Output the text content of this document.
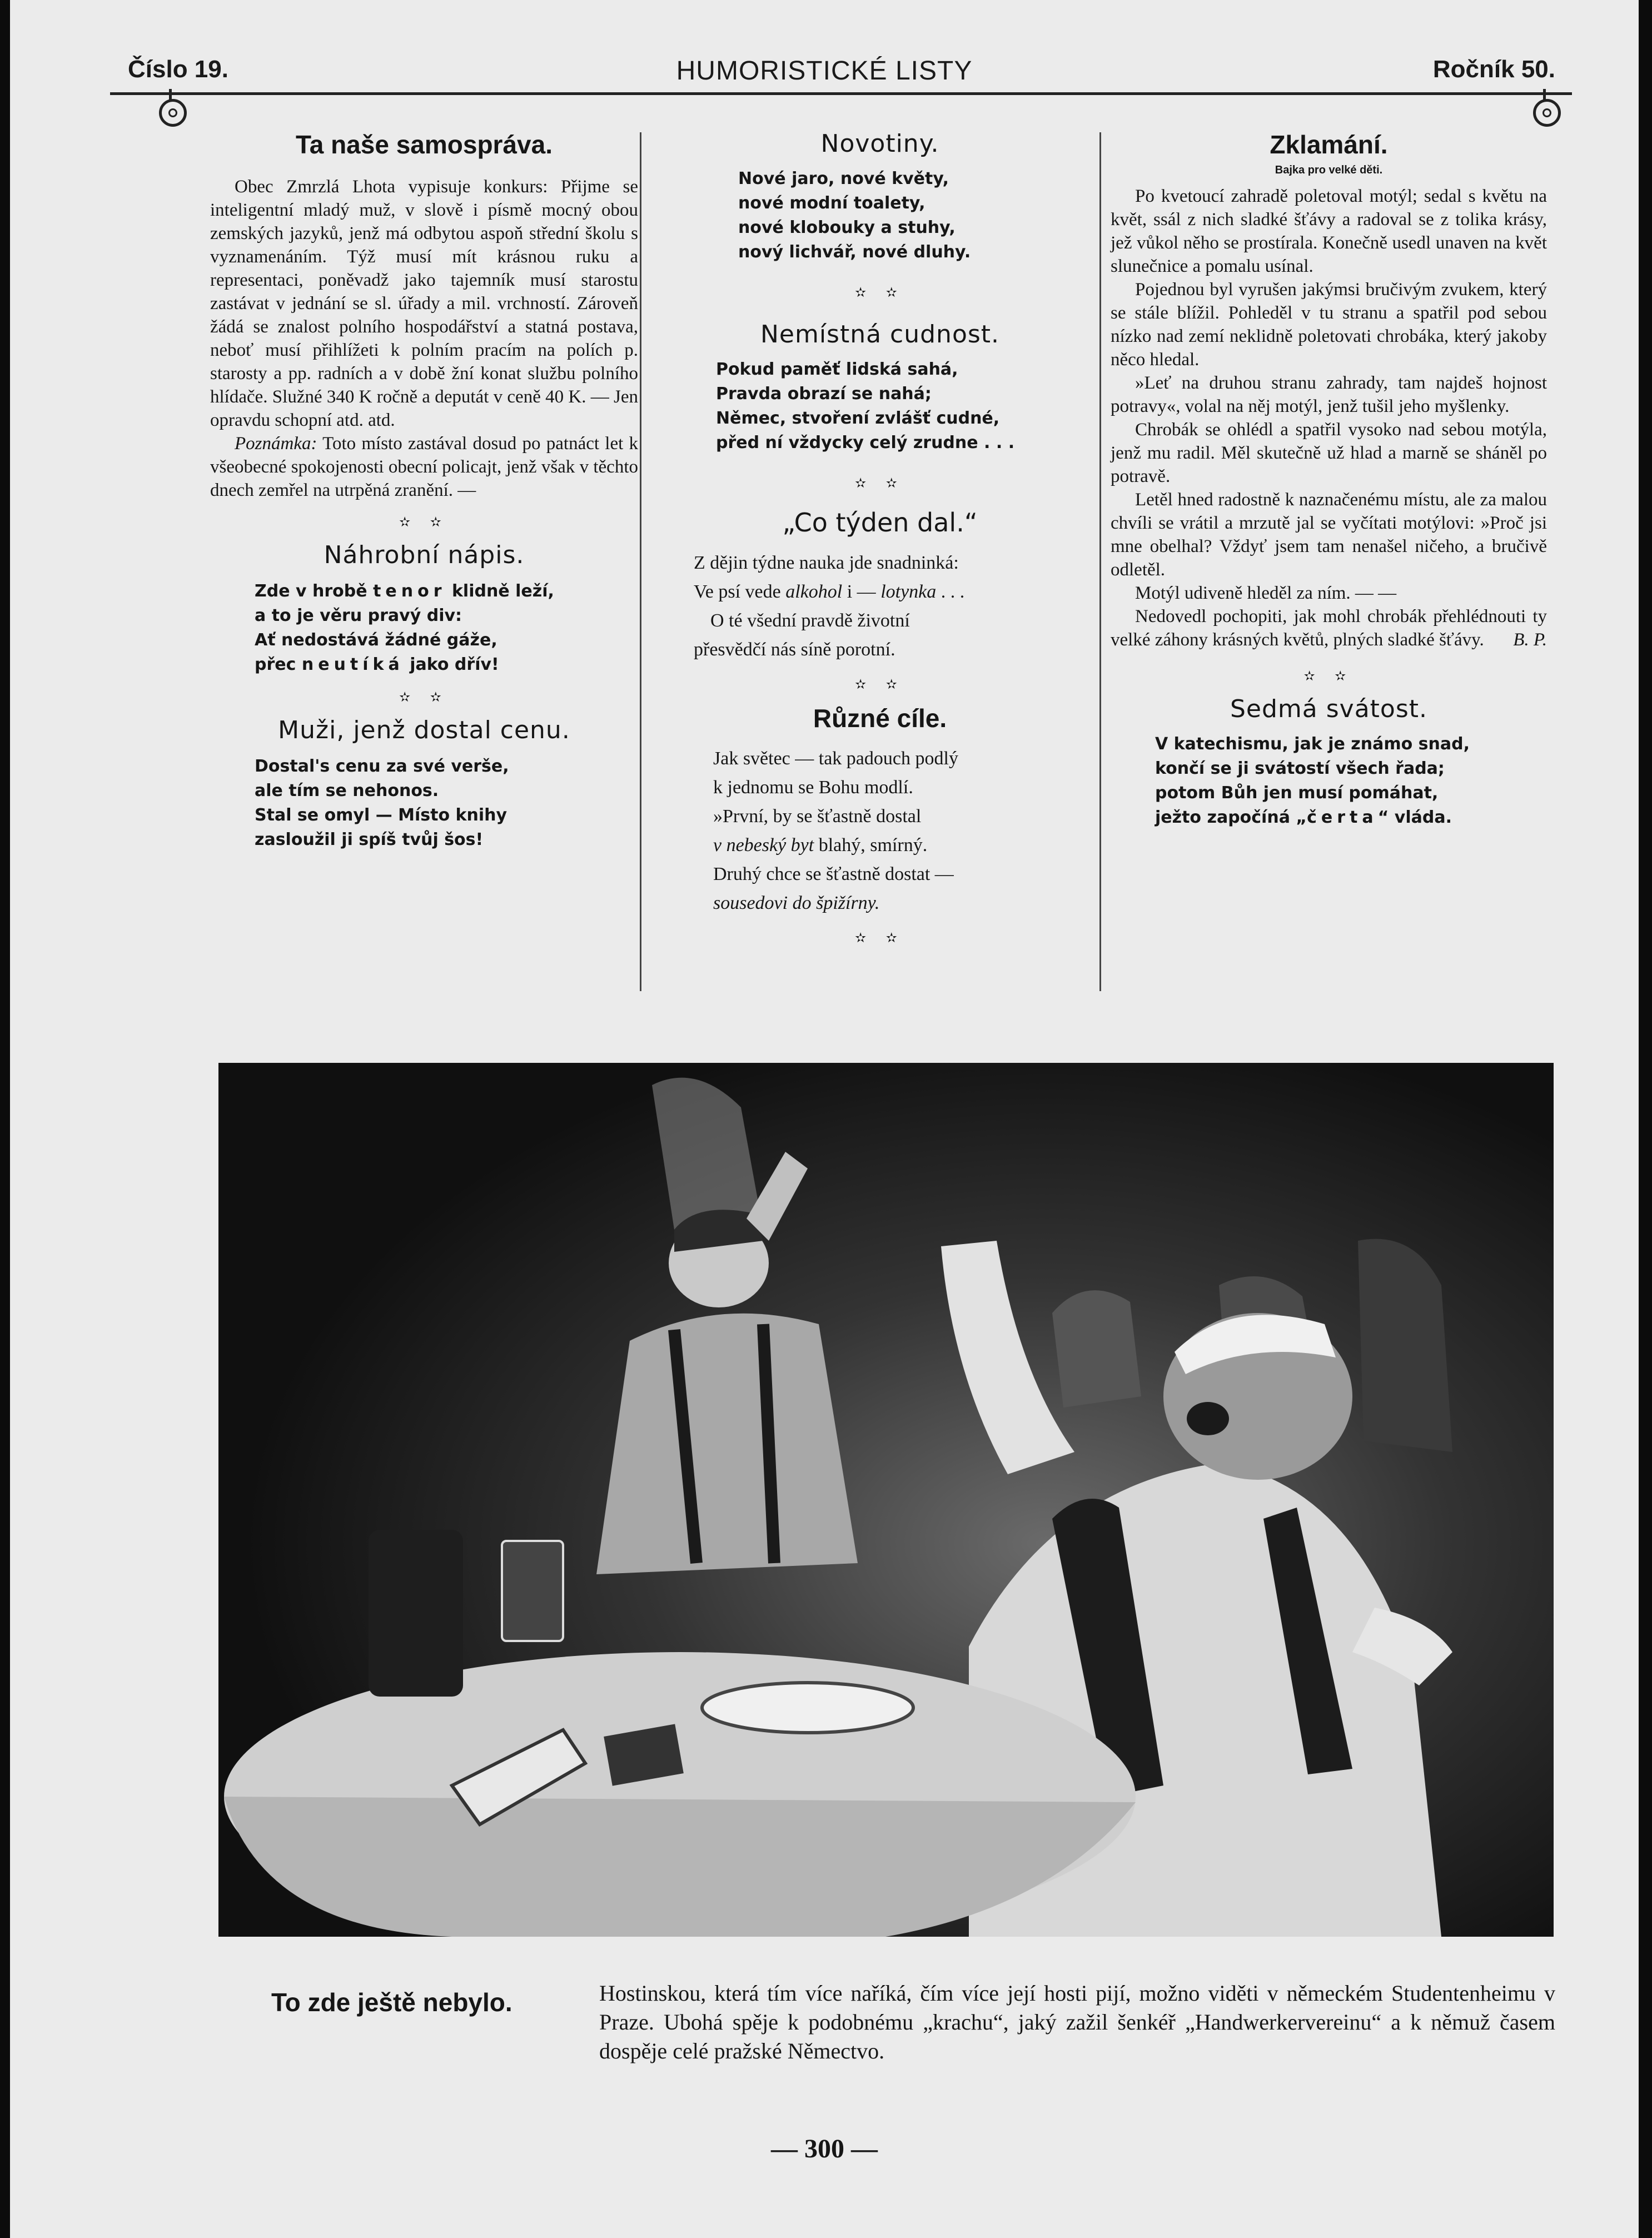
Číslo 19.	HUMORISTICKÉ LISTY	Ročník 50.
Ta naše samospráva.

Obec Zmrzlá Lhota vypisuje konkurs: Přijme se inteligentní mladý muž, v slově i písmě mocný obou zemských jazyků, jenž má odbytou aspoň střední školu s vyznamenáním. Týž musí mít krásnou ruku a representaci, poněvadž jako tajemník musí starostu zastávat v jednání se sl. úřady a mil. vrchností. Zároveň žádá se znalost polního hospodářství a statná postava, neboť musí přihlížeti k polním pracím na polích p. starosty a pp. radních a v době žní konat službu polního hlídače. Služné 340 K ročně a deputát v ceně 40 K. — Jen opravdu schopní atd. atd.

Poznámka: Toto místo zastával dosud po patnáct let k všeobecné spokojenosti obecní policajt, jenž však v těchto dnech zemřel na utrpěná zranění. —

✫ ✫
Náhrobní nápis.

Zde v hrobě tenor klidně leží,

a to je věru pravý div:

Ať nedostává žádné gáže,

přec neutíká jako dřív!

✫ ✫
Muži, jenž dostal cenu.

Dostal's cenu za své verše,

ale tím se nehonos.

Stal se omyl — Místo knihy

zasloužil ji spíš tvůj šos!

Novotiny.

Nové jaro, nové květy,

nové modní toalety,

nové klobouky a stuhy,

nový lichvář, nové dluhy.

✫ ✫
Nemístná cudnost.

Pokud paměť lidská sahá,

Pravda obrazí se nahá;

Němec, stvoření zvlášť cudné,

před ní vždycky celý zrudne . . .

✫ ✫
„Co týden dal.“

Z dějin týdne nauka jde snadninká:

Ve psí vede alkohol i — lotynka . . .

O té všední pravdě životní

přesvědčí nás síně porotní.

✫ ✫
Různé cíle.

Jak světec — tak padouch podlý

k jednomu se Bohu modlí.

»První, by se šťastně dostal

v nebeský byt blahý, smírný.

Druhý chce se šťastně dostat —

sousedovi do špižírny.

✫ ✫
Zklamání.
Bajka pro velké děti.

Po kvetoucí zahradě poletoval motýl; sedal s květu na květ, ssál z nich sladké šťávy a radoval se z tolika krásy, jež vůkol něho se prostírala. Konečně usedl unaven na květ slunečnice a pomalu usínal.

Pojednou byl vyrušen jakýmsi bručivým zvukem, který se stále blížil. Pohleděl v tu stranu a spatřil pod sebou nízko nad zemí neklidně poletovati chrobáka, který jakoby něco hledal.

»Leť na druhou stranu zahrady, tam najdeš hojnost potravy«, volal na něj motýl, jenž tušil jeho myšlenky.

Chrobák se ohlédl a spatřil vysoko nad sebou motýla, jenž mu radil. Měl skutečně už hlad a marně se sháněl po potravě.

Letěl hned radostně k naznačenému místu, ale za malou chvíli se vrátil a mrzutě jal se vyčítati motýlovi: »Proč jsi mne obelhal? Vždyť jsem tam nenašel ničeho, a bručivě odletěl.

Motýl udiveně hleděl za ním. — —

Nedovedl pochopiti, jak mohl chrobák přehlédnouti ty velké záhony krásných květů, plných sladké šťávy.	B. P.

✫ ✫
Sedmá svátost.

V katechismu, jak je známo snad,

končí se ji svátostí všech řada;

potom Bůh jen musí pomáhat,

ježto započíná „čerta“ vláda.

To zde ještě nebylo.	Hostinskou, která tím více naříká, čím více její hosti pijí, možno viděti v německém Studentenheimu v Praze. Ubohá spěje k podobnému „krachu“, jaký zažil šenkéř „Handwerkervereinu“ a k němuž časem dospěje celé pražské Němectvo.

— 300 —
